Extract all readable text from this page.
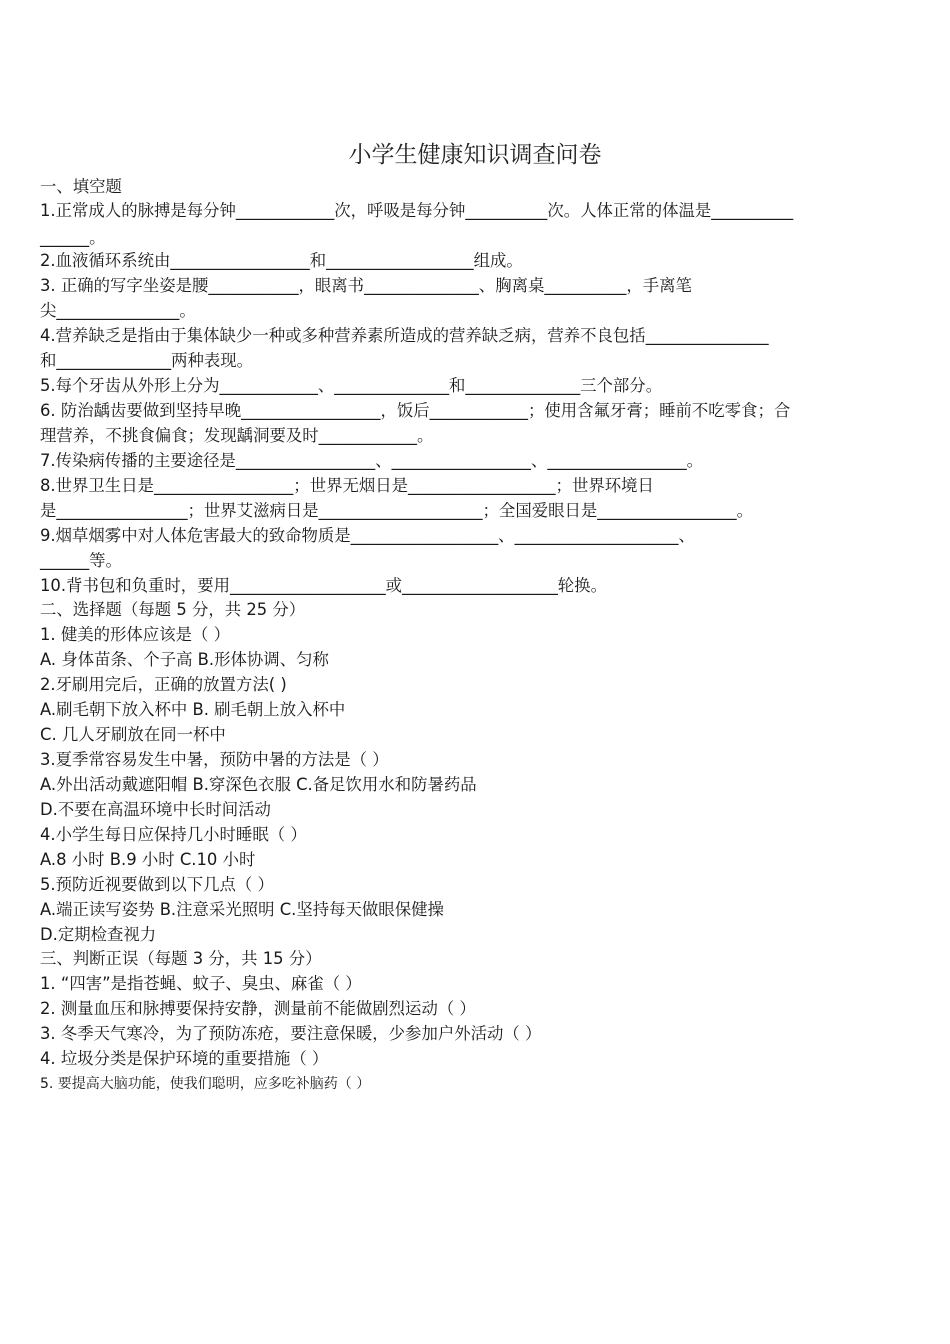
小学生健康知识调查问卷
一、填空题
1.正常成人的脉搏是每分钟____________次，呼吸是每分钟__________次。人体正常的体温是__________
______。
2.血液循环系统由_________________和__________________组成。
3. 正确的写字坐姿是腰___________，眼离书______________、胸离桌__________，手离笔
尖_______________。
4.营养缺乏是指由于集体缺少一种或多种营养素所造成的营养缺乏病，营养不良包括_______________
和______________两种表现。
5.每个牙齿从外形上分为____________、______________和______________三个部分。
6. 防治龋齿要做到坚持早晚_________________，饭后____________；使用含氟牙膏；睡前不吃零食；合
理营养，不挑食偏食；发现龋洞要及时____________。
7.传染病传播的主要途径是_________________、_________________、_________________。
8.世界卫生日是_________________；世界无烟日是__________________；世界环境日
是________________；世界艾滋病日是____________________；全国爱眼日是_________________。
9.烟草烟雾中对人体危害最大的致命物质是__________________、____________________、
______等。
10.背书包和负重时，要用___________________或___________________轮换。
二、选择题（每题 5 分，共 25 分）
1. 健美的形体应该是（ ）
A. 身体苗条、个子高 B.形体协调、匀称
2.牙刷用完后，正确的放置方法( )
A.刷毛朝下放入杯中 B. 刷毛朝上放入杯中
C. 几人牙刷放在同一杯中
3.夏季常容易发生中暑，预防中暑的方法是（ ）
A.外出活动戴遮阳帽 B.穿深色衣服 C.备足饮用水和防暑药品
D.不要在高温环境中长时间活动
4.小学生每日应保持几小时睡眠（ ）
A.8 小时 B.9 小时 C.10 小时
5.预防近视要做到以下几点（ ）
A.端正读写姿势 B.注意采光照明 C.坚持每天做眼保健操
D.定期检查视力
三、判断正误（每题 3 分，共 15 分）
1. “四害”是指苍蝇、蚊子、臭虫、麻雀（ ）
2. 测量血压和脉搏要保持安静，测量前不能做剧烈运动（ ）
3. 冬季天气寒冷，为了预防冻疮，要注意保暖，少参加户外活动（ ）
4. 垃圾分类是保护环境的重要措施（ ）
5. 要提高大脑功能，使我们聪明，应多吃补脑药（ ）
